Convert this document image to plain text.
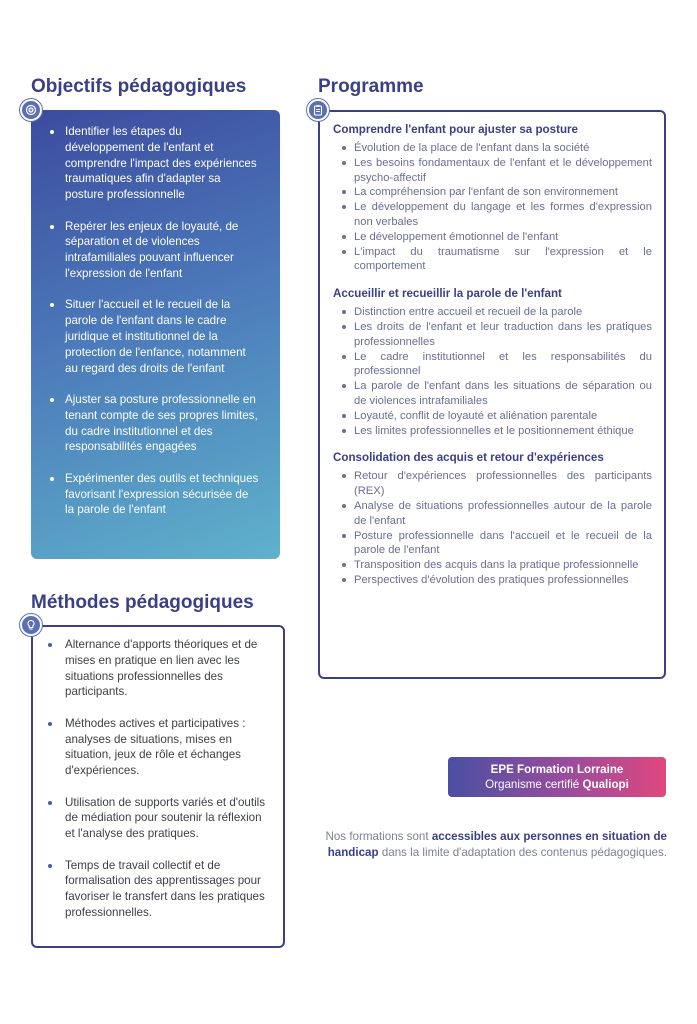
Objectifs pédagogiques
Identifier les étapes du développement de l'enfant et comprendre l'impact des expériences traumatiques afin d'adapter sa posture professionnelle
Repérer les enjeux de loyauté, de séparation et de violences intrafamiliales pouvant influencer l'expression de l'enfant
Situer l'accueil et le recueil de la parole de l'enfant dans le cadre juridique et institutionnel de la protection de l'enfance, notamment au regard des droits de l'enfant
Ajuster sa posture professionnelle en tenant compte de ses propres limites, du cadre institutionnel et des responsabilités engagées
Expérimenter des outils et techniques favorisant l'expression sécurisée de la parole de l'enfant
Méthodes pédagogiques
Alternance d'apports théoriques et de mises en pratique en lien avec les situations professionnelles des participants.
Méthodes actives et participatives : analyses de situations, mises en situation, jeux de rôle et échanges d'expériences.
Utilisation de supports variés et d'outils de médiation pour soutenir la réflexion et l'analyse des pratiques.
Temps de travail collectif et de formalisation des apprentissages pour favoriser le transfert dans les pratiques professionnelles.
Programme
Comprendre l'enfant pour ajuster sa posture
Évolution de la place de l'enfant dans la société
Les besoins fondamentaux de l'enfant et le développement psycho-affectif
La compréhension par l'enfant de son environnement
Le développement du langage et les formes d'expression non verbales
Le développement émotionnel de l'enfant
L'impact du traumatisme sur l'expression et le comportement
Accueillir et recueillir la parole de l'enfant
Distinction entre accueil et recueil de la parole
Les droits de l'enfant et leur traduction dans les pratiques professionnelles
Le cadre institutionnel et les responsabilités du professionnel
La parole de l'enfant dans les situations de séparation ou de violences intrafamiliales
Loyauté, conflit de loyauté et aliénation parentale
Les limites professionnelles et le positionnement éthique
Consolidation des acquis et retour d'expériences
Retour d'expériences professionnelles des participants (REX)
Analyse de situations professionnelles autour de la parole de l'enfant
Posture professionnelle dans l'accueil et le recueil de la parole de l'enfant
Transposition des acquis dans la pratique professionnelle
Perspectives d'évolution des pratiques professionnelles
EPE Formation Lorraine
Organisme certifié Qualiopi
Nos formations sont accessibles aux personnes en situation de handicap dans la limite d'adaptation des contenus pédagogiques.
